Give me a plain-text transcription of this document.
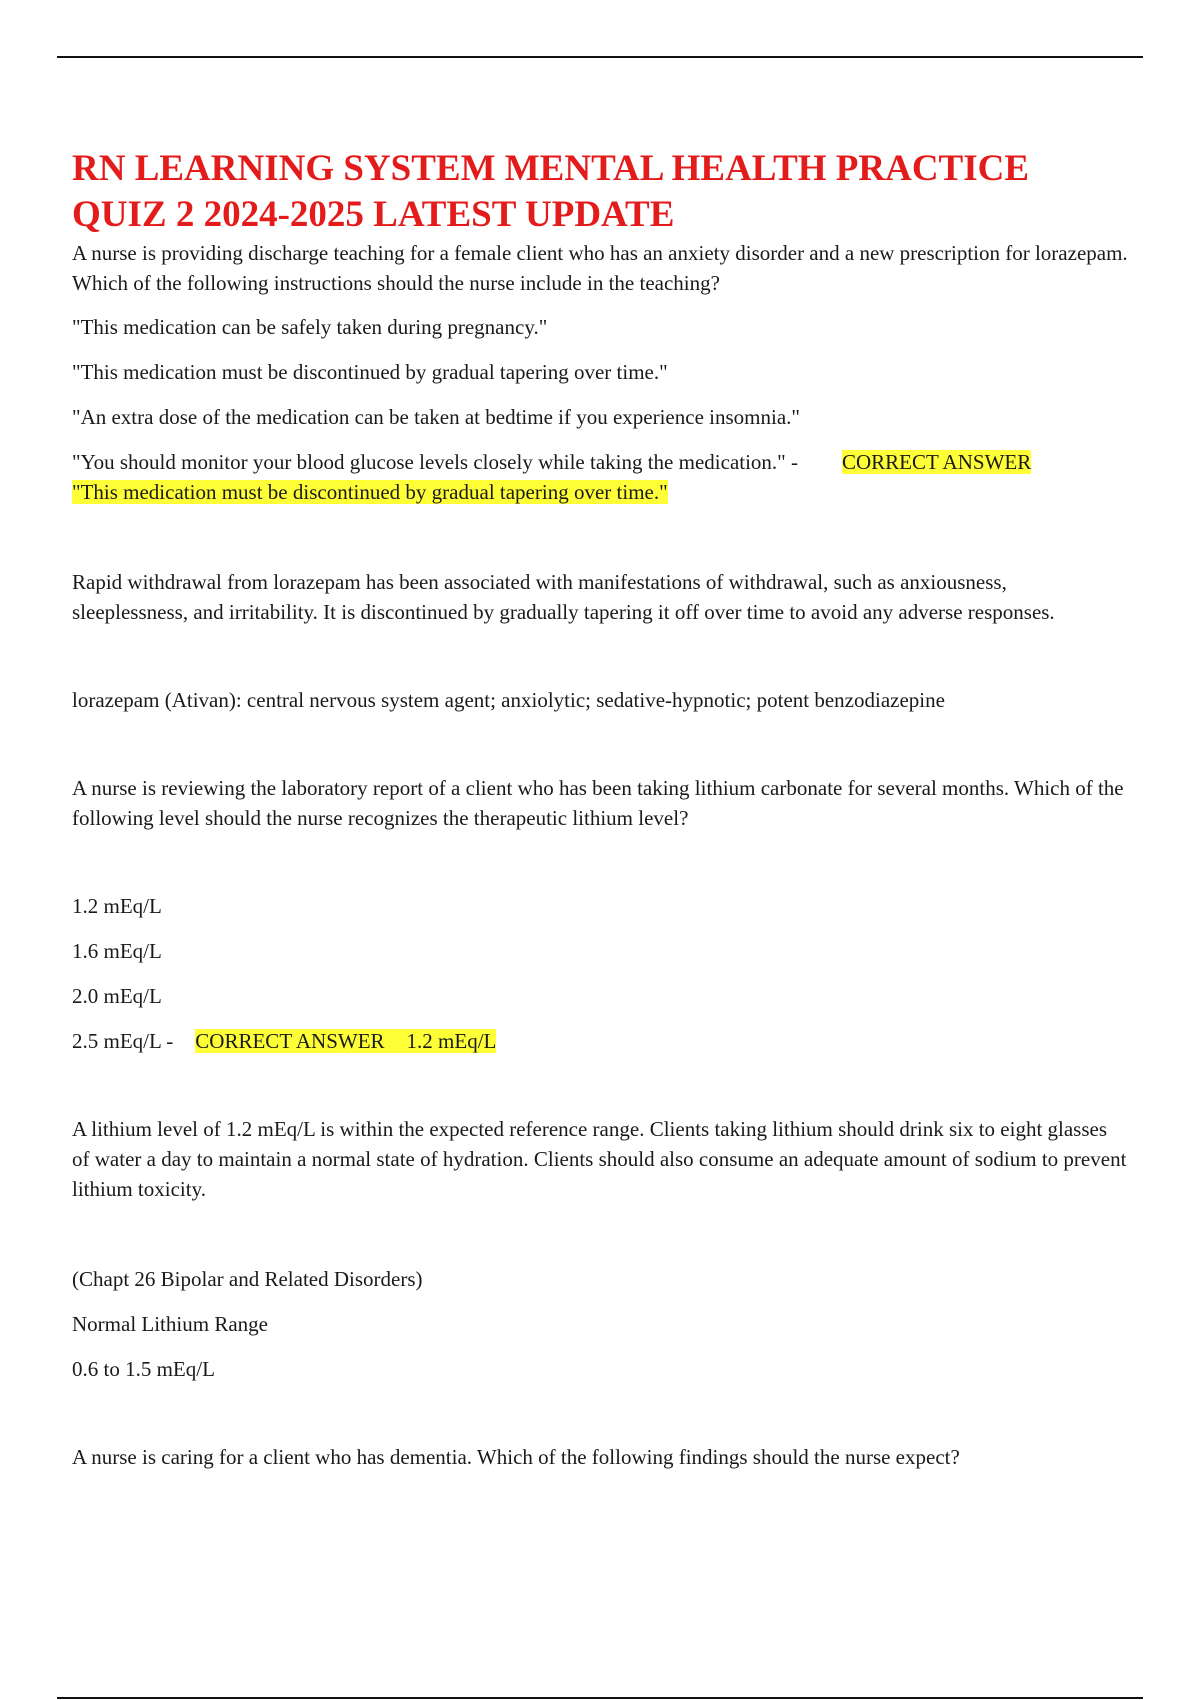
RN LEARNING SYSTEM MENTAL HEALTH PRACTICE QUIZ 2 2024-2025 LATEST UPDATE

A nurse is providing discharge teaching for a female client who has an anxiety disorder and a new prescription for lorazepam. Which of the following instructions should the nurse include in the teaching?

"This medication can be safely taken during pregnancy."

"This medication must be discontinued by gradual tapering over time."

"An extra dose of the medication can be taken at bedtime if you experience insomnia."

"You should monitor your blood glucose levels closely while taking the medication." - CORRECT ANSWER
"This medication must be discontinued by gradual tapering over time."

Rapid withdrawal from lorazepam has been associated with manifestations of withdrawal, such as anxiousness, sleeplessness, and irritability. It is discontinued by gradually tapering it off over time to avoid any adverse responses.

lorazepam (Ativan): central nervous system agent; anxiolytic; sedative-hypnotic; potent benzodiazepine

A nurse is reviewing the laboratory report of a client who has been taking lithium carbonate for several months. Which of the following level should the nurse recognizes the therapeutic lithium level?

1.2 mEq/L

1.6 mEq/L

2.0 mEq/L

2.5 mEq/L - CORRECT ANSWER 1.2 mEq/L

A lithium level of 1.2 mEq/L is within the expected reference range. Clients taking lithium should drink six to eight glasses of water a day to maintain a normal state of hydration. Clients should also consume an adequate amount of sodium to prevent lithium toxicity.

(Chapt 26 Bipolar and Related Disorders)

Normal Lithium Range

0.6 to 1.5 mEq/L

A nurse is caring for a client who has dementia. Which of the following findings should the nurse expect?
